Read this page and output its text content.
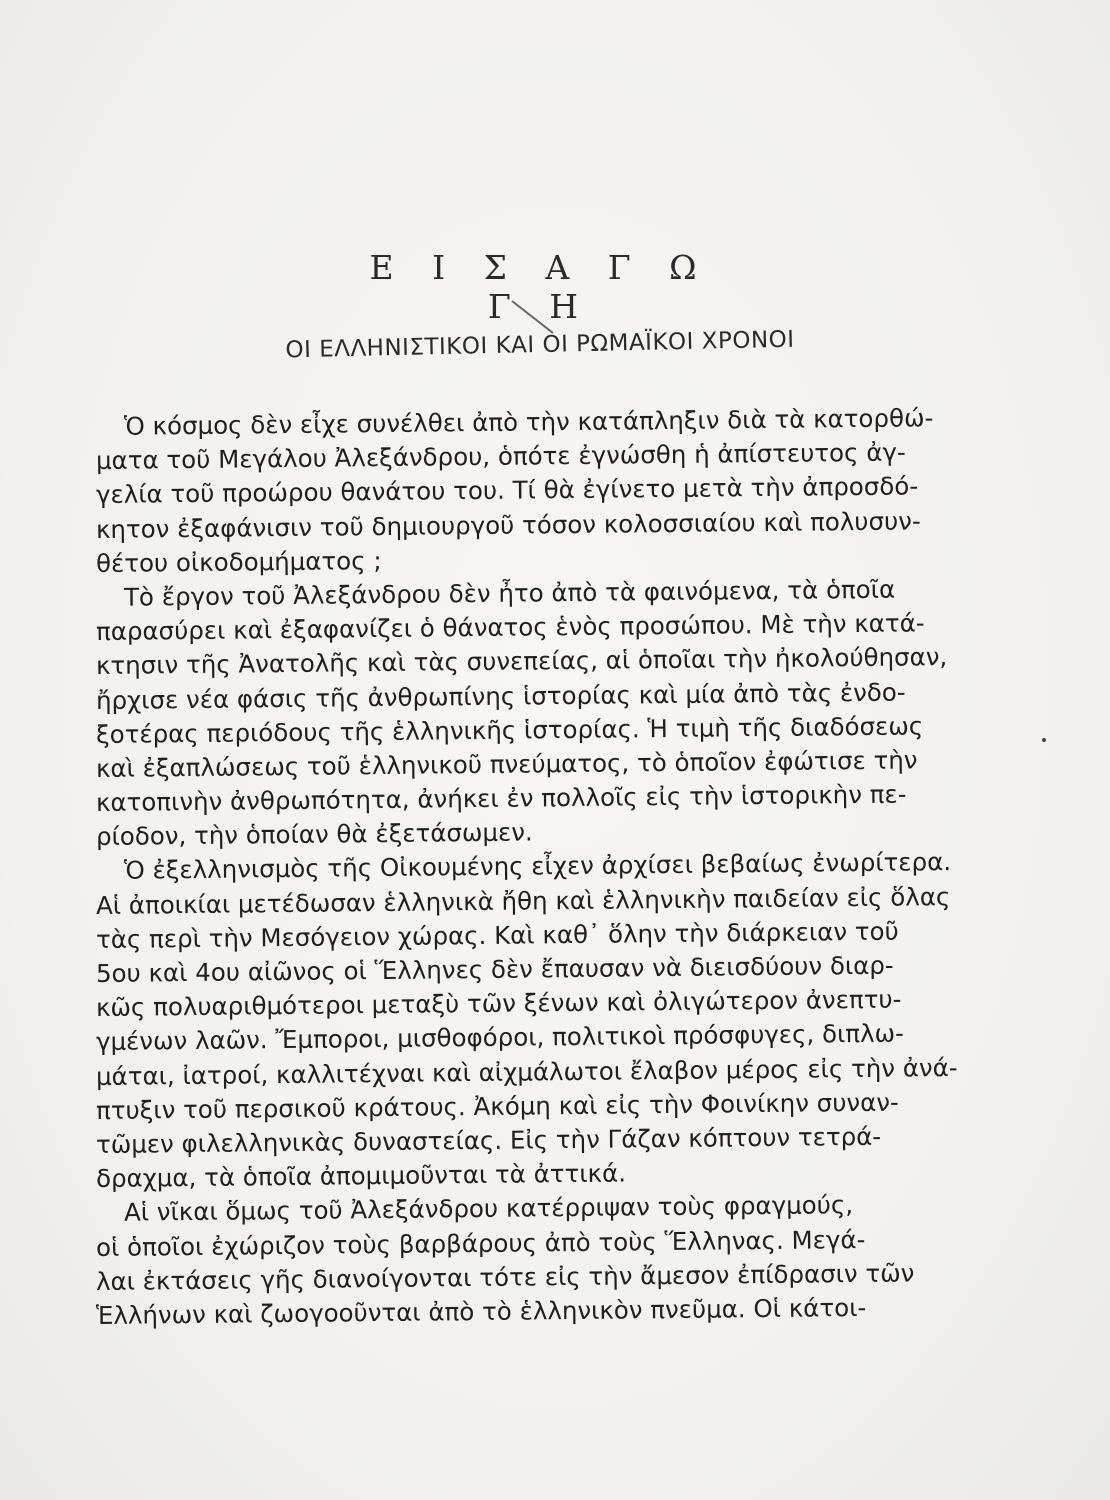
Ε Ι Σ Α Γ Ω Γ Η
ΟΙ ΕΛΛΗΝΙΣΤΙΚΟΙ ΚΑΙ ΟΙ ΡΩΜΑΪΚΟΙ ΧΡΟΝΟΙ
Ὁ κόσμος δὲν εἶχε συνέλθει ἀπὸ τὴν κατάπληξιν διὰ τὰ κατορθώ-
ματα τοῦ Μεγάλου Ἀλεξάνδρου, ὁπότε ἐγνώσθη ἡ ἀπίστευτος ἀγ-
γελία τοῦ προώρου θανάτου του. Τί θὰ ἐγίνετο μετὰ τὴν ἀπροσδό-
κητον ἐξαφάνισιν τοῦ δημιουργοῦ τόσον κολοσσιαίου καὶ πολυσυν-
θέτου οἰκοδομήματος ;
Τὸ ἔργον τοῦ Ἀλεξάνδρου δὲν ἦτο ἀπὸ τὰ φαινόμενα, τὰ ὁποῖα
παρασύρει καὶ ἐξαφανίζει ὁ θάνατος ἑνὸς προσώπου. Μὲ τὴν κατά-
κτησιν τῆς Ἀνατολῆς καὶ τὰς συνεπείας, αἱ ὁποῖαι τὴν ἠκολούθησαν,
ἤρχισε νέα φάσις τῆς ἀνθρωπίνης ἱστορίας καὶ μία ἀπὸ τὰς ἐνδο-
ξοτέρας περιόδους τῆς ἑλληνικῆς ἱστορίας. Ἡ τιμὴ τῆς διαδόσεως
καὶ ἐξαπλώσεως τοῦ ἑλληνικοῦ πνεύματος, τὸ ὁποῖον ἐφώτισε τὴν
κατοπινὴν ἀνθρωπότητα, ἀνήκει ἐν πολλοῖς εἰς τὴν ἱστορικὴν πε-
ρίοδον, τὴν ὁποίαν θὰ ἐξετάσωμεν.
Ὁ ἐξελληνισμὸς τῆς Οἰκουμένης εἶχεν ἀρχίσει βεβαίως ἐνωρίτερα.
Αἱ ἀποικίαι μετέδωσαν ἑλληνικὰ ἤθη καὶ ἑλληνικὴν παιδείαν εἰς ὅλας
τὰς περὶ τὴν Μεσόγειον χώρας. Καὶ καθ᾽ ὅλην τὴν διάρκειαν τοῦ
5ου καὶ 4ου αἰῶνος οἱ Ἕλληνες δὲν ἔπαυσαν νὰ διεισδύουν διαρ-
κῶς πολυαριθμότεροι μεταξὺ τῶν ξένων καὶ ὀλιγώτερον ἀνεπτυ-
γμένων λαῶν. Ἔμποροι, μισθοφόροι, πολιτικοὶ πρόσφυγες, διπλω-
μάται, ἰατροί, καλλιτέχναι καὶ αἰχμάλωτοι ἔλαβον μέρος εἰς τὴν ἀνά-
πτυξιν τοῦ περσικοῦ κράτους. Ἀκόμη καὶ εἰς τὴν Φοινίκην συναν-
τῶμεν φιλελληνικὰς δυναστείας. Εἰς τὴν Γάζαν κόπτουν τετρά-
δραχμα, τὰ ὁποῖα ἀπομιμοῦνται τὰ ἀττικά.
Αἱ νῖκαι ὅμως τοῦ Ἀλεξάνδρου κατέρριψαν τοὺς φραγμούς,
οἱ ὁποῖοι ἐχώριζον τοὺς βαρβάρους ἀπὸ τοὺς Ἕλληνας. Μεγά-
λαι ἐκτάσεις γῆς διανοίγονται τότε εἰς τὴν ἄμεσον ἐπίδρασιν τῶν
Ἑλλήνων καὶ ζωογοοῦνται ἀπὸ τὸ ἑλληνικὸν πνεῦμα. Οἱ κάτοι-
